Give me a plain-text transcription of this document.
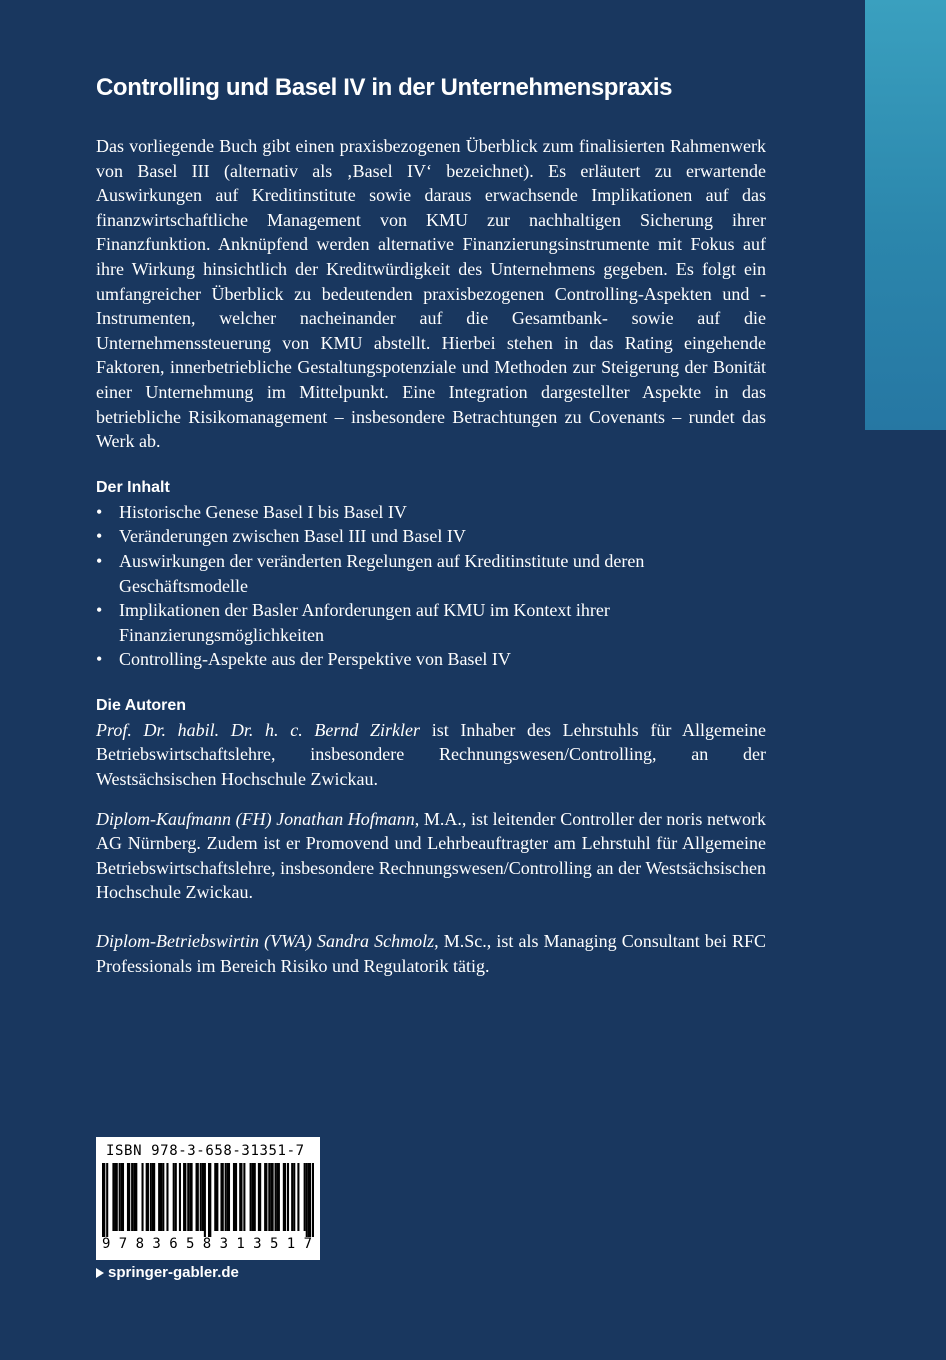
Controlling und Basel IV in der Unternehmenspraxis

Das vorliegende Buch gibt einen praxisbezogenen Überblick zum finalisierten Rahmenwerk von Basel III (alternativ als ‚Basel IV‘ bezeichnet). Es erläutert zu erwartende Auswirkungen auf Kreditinstitute sowie daraus erwachsende Implikationen auf das finanzwirtschaftliche Management von KMU zur nachhaltigen Sicherung ihrer Finanzfunktion. Anknüpfend werden alternative Finanzierungsinstrumente mit Fokus auf ihre Wirkung hinsichtlich der Kreditwürdigkeit des Unternehmens gegeben. Es folgt ein umfangreicher Überblick zu bedeutenden praxisbezogenen Controlling-Aspekten und -Instrumenten, welcher nacheinander auf die Gesamtbank- sowie auf die Unternehmenssteuerung von KMU abstellt. Hierbei stehen in das Rating eingehende Faktoren, innerbetriebliche Gestaltungspotenziale und Methoden zur Steigerung der Bonität einer Unternehmung im Mittelpunkt. Eine Integration dargestellter Aspekte in das betriebliche Risikomanagement – insbesondere Betrachtungen zu Covenants – rundet das Werk ab.

Der Inhalt
• Historische Genese Basel I bis Basel IV
• Veränderungen zwischen Basel III und Basel IV
• Auswirkungen der veränderten Regelungen auf Kreditinstitute und deren Geschäftsmodelle
• Implikationen der Basler Anforderungen auf KMU im Kontext ihrer Finanzierungsmöglichkeiten
• Controlling-Aspekte aus der Perspektive von Basel IV
Die Autoren

Prof. Dr. habil. Dr. h. c. Bernd Zirkler ist Inhaber des Lehrstuhls für Allgemeine Betriebswirtschaftslehre, insbesondere Rechnungswesen/Controlling, an der Westsächsischen Hochschule Zwickau.

Diplom-Kaufmann (FH) Jonathan Hofmann, M.A., ist leitender Controller der noris network AG Nürnberg. Zudem ist er Promovend und Lehrbeauftragter am Lehrstuhl für Allgemeine Betriebswirtschaftslehre, insbesondere Rechnungswesen/Controlling an der Westsächsischen Hochschule Zwickau.

Diplom-Betriebswirtin (VWA) Sandra Schmolz, M.Sc., ist als Managing Consultant bei RFC Professionals im Bereich Risiko und Regulatorik tätig.

ISBN 978-3-658-31351-7
9 7 8 3 6 5 8 3 1 3 5 1 7
springer-gabler.de
